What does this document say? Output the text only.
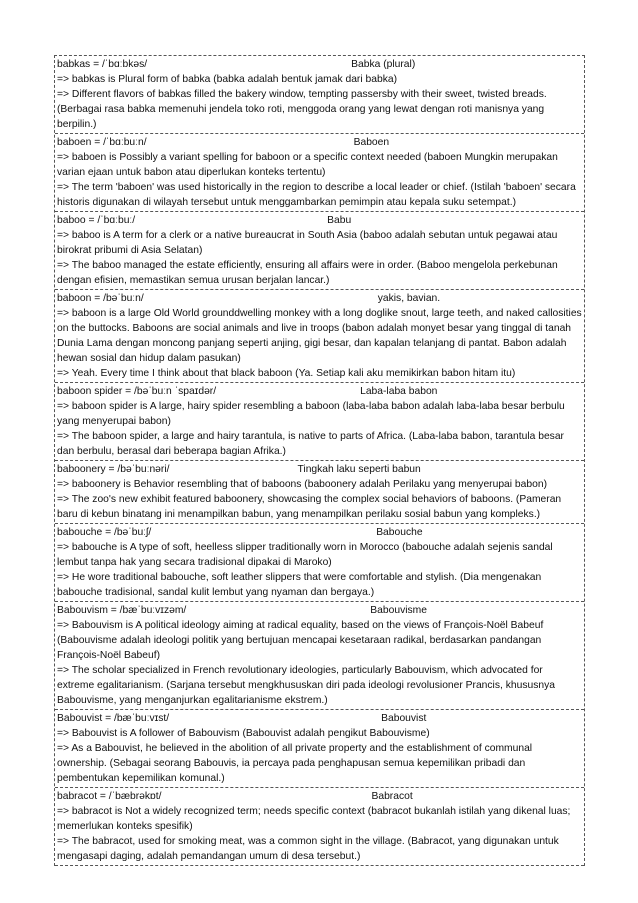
babkas = /ˈbɑːbkəs/	Babka (plural)
=> babkas is Plural form of babka (babka adalah bentuk jamak dari babka)
=> Different flavors of babkas filled the bakery window, tempting passersby with their sweet, twisted breads. (Berbagai rasa babka memenuhi jendela toko roti, menggoda orang yang lewat dengan roti manisnya yang berpilin.)
baboen = /ˈbɑːbuːn/	Baboen
=> baboen is Possibly a variant spelling for baboon or a specific context needed (baboen Mungkin merupakan varian ejaan untuk babon atau diperlukan konteks tertentu)
=> The term 'baboen' was used historically in the region to describe a local leader or chief. (Istilah 'baboen' secara historis digunakan di wilayah tersebut untuk menggambarkan pemimpin atau kepala suku setempat.)
baboo = /ˈbɑːbuː/	Babu
=> baboo is A term for a clerk or a native bureaucrat in South Asia (baboo adalah sebutan untuk pegawai atau birokrat pribumi di Asia Selatan)
=> The baboo managed the estate efficiently, ensuring all affairs were in order. (Baboo mengelola perkebunan dengan efisien, memastikan semua urusan berjalan lancar.)
baboon = /bəˈbuːn/	yakis, bavian.
=> baboon is a large Old World grounddwelling monkey with a long doglike snout, large teeth, and naked callosities on the buttocks. Baboons are social animals and live in troops (babon adalah monyet besar yang tinggal di tanah Dunia Lama dengan moncong panjang seperti anjing, gigi besar, dan kapalan telanjang di pantat. Babon adalah hewan sosial dan hidup dalam pasukan)
=> Yeah. Every time I think about that black baboon (Ya. Setiap kali aku memikirkan babon hitam itu)
baboon spider = /bəˈbuːn ˈspaɪdər/	Laba-laba babon
=> baboon spider is A large, hairy spider resembling a baboon (laba-laba babon adalah laba-laba besar berbulu yang menyerupai babon)
=> The baboon spider, a large and hairy tarantula, is native to parts of Africa. (Laba-laba babon, tarantula besar dan berbulu, berasal dari beberapa bagian Afrika.)
baboonery = /bəˈbuːnəri/	Tingkah laku seperti babun
=> baboonery is Behavior resembling that of baboons (baboonery adalah Perilaku yang menyerupai babon)
=> The zoo's new exhibit featured baboonery, showcasing the complex social behaviors of baboons. (Pameran baru di kebun binatang ini menampilkan babun, yang menampilkan perilaku sosial babun yang kompleks.)
babouche = /bəˈbuːʃ/	Babouche
=> babouche is A type of soft, heelless slipper traditionally worn in Morocco (babouche adalah sejenis sandal lembut tanpa hak yang secara tradisional dipakai di Maroko)
=> He wore traditional babouche, soft leather slippers that were comfortable and stylish. (Dia mengenakan babouche tradisional, sandal kulit lembut yang nyaman dan bergaya.)
Babouvism = /bæˈbuːvɪzəm/	Babouvisme
=> Babouvism is A political ideology aiming at radical equality, based on the views of François-Noël Babeuf (Babouvisme adalah ideologi politik yang bertujuan mencapai kesetaraan radikal, berdasarkan pandangan François-Noël Babeuf)
=> The scholar specialized in French revolutionary ideologies, particularly Babouvism, which advocated for extreme egalitarianism. (Sarjana tersebut mengkhususkan diri pada ideologi revolusioner Prancis, khususnya Babouvisme, yang menganjurkan egalitarianisme ekstrem.)
Babouvist = /bæˈbuːvɪst/	Babouvist
=> Babouvist is A follower of Babouvism (Babouvist adalah pengikut Babouvisme)
=> As a Babouvist, he believed in the abolition of all private property and the establishment of communal ownership. (Sebagai seorang Babouvis, ia percaya pada penghapusan semua kepemilikan pribadi dan pembentukan kepemilikan komunal.)
babracot = /ˈbæbrəkɒt/	Babracot
=> babracot is Not a widely recognized term; needs specific context (babracot bukanlah istilah yang dikenal luas; memerlukan konteks spesifik)
=> The babracot, used for smoking meat, was a common sight in the village. (Babracot, yang digunakan untuk mengasapi daging, adalah pemandangan umum di desa tersebut.)
